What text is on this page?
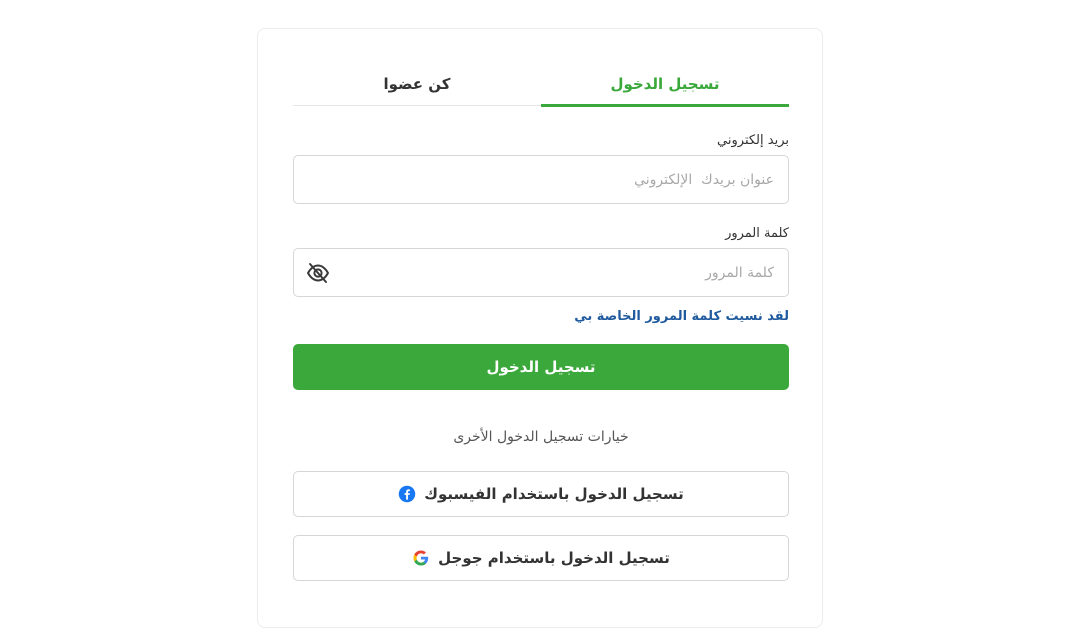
تسجيل الدخول
كن عضوا
بريد إلكتروني
عنوان بريدك الإلكتروني
كلمة المرور
لقد نسيت كلمة المرور الخاصة بي
تسجيل الدخول
خيارات تسجيل الدخول الأخرى
تسجيل الدخول باستخدام الفيسبوك
تسجيل الدخول باستخدام جوجل
